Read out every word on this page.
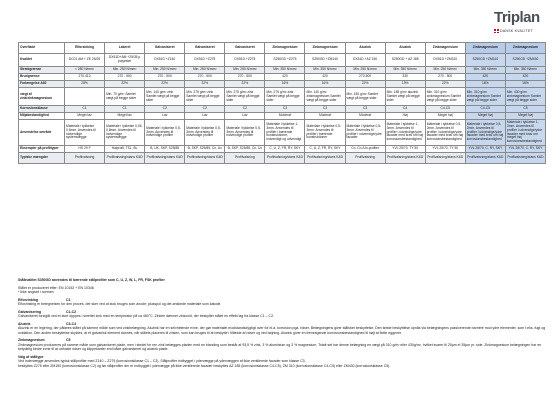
Triplan
DANSK KVALITET
Overflade	Elforzinking	Lakeret	Galvaniseret	Galvaniseret	Galvaniseret	Zinkmagnesium	Zinkmagnesium	Aluzink	Aluzink	Zinkmagnesium	Zinkmagnesium	Zinkmagnesium
Kvalitet	DC01 AM + ZE 25/25	DX51D+AM +25/35 µ polyester	DX51D +Z140	DX51D +Z275	DX51D +Z275	S250GD +Z275	S250GD +ZM140	DX51D +AZ 150	S250GD + AZ 185	DX51D +ZM310	S250GD +ZM310	S250GD +ZM430
Strækgrænse	< 280 N/mm²	Min. 250 N/mm²	Min. 250 N/mm²	Min. 250 N/mm²	Min. 250 N/mm²	Min. 350 N/mm²	Min. 350 N/mm²	Min. 250 N/mm²	Min. 350 N/mm²	Min. 250 N/mm²	Min. 350 N/mm²	Min. 350 N/mm²
Brudgrænse	270-410	270 - 500	270 - 500	270 - 500	270 - 500	420	420	270-500	330	270 - 500	420	420
Forlængelse A80	28%	22%	22%	22%	22%	16%	16%	22%	19%	22%	16%	16%
vægt af zink/zinkmagnesium		Min. 70 g/m² Samlet vægt på begge sider	Min. 140 g/m² zink Samlet vægt på begge sider	Min. 275 g/m² zink Samlet vægt på begge sider	Min. 275 g/m² zink Samlet vægt på begge sider	Min. 275 g/m² zink Samlet vægt på begge sider	Min. 140 g/m² zinkmagnesium Samlet vægt på begge sider	Min. 150 g/m² Samlet vægt på begge sider	Min. 185 g/m² aluzink Samlet vægt på begge sider	Min. 310 g/m² zinkmagnesium Samlet vægt på begge sider	Min. 310 g/m² zinkmagnesium Samlet vægt på begge sider	Min. 430 g/m² zinkmagnesium Samlet vægt på begge sider
Korrosionsklasse	C1	C1	C2	C2	C2	C3	C3	C3	C4	C4-C5	C4-C5	C5
Miljøbestandighed	Meget lav	Meget lav	Lav	Lav	Lav	Moderat	Moderat	Moderat	Høj	Meget høj	Meget høj	Meget høj
Anvendelse område	Materiale i tykkelse 0,5mm. Anvendes til indvendige systemvægge	Materiale i tykkelse 0,45-0,8mm. Anvendes til indvendige systemvægge	Materiale i tykkelse 0,5-3mm. Anvendes til indvendige profiler	Materiale i tykkelse 0,5-3mm. Anvendes til indvendige profiler	Materiale i tykkelse 0,5-3mm. Anvendes til indvendige profiler	Materiale i tykkelse 1-3mm. Anvendes til profiler i bærende konstruktioner, indvendigt og udvendigt	Materiale i tykkelse 0,5-3mm. Anvendes til profiler i bærende konstruktioner	Materiale i tykkelse 0,5-3mm. Anvendes til profiler i udvendige/ydre facader	Materiale i tykkelse 1-3mm. Anvendes til profiler i udvendige/ydre facader med krav om høj korrosionsbestandighed	Materiale i tykkelse 0,5-2mm. Anvendes til profiler i udvendige/ydre facader med krav om høj korrosionsbestandighed	Materiale i tykkelse 0,5-2mm. Anvendes til profiler i udvendige/ydre facader med krav om høj korrosionsbestandighed	Materiale i tykkelse 1-3mm. Anvendes til profiler i udvendige/ydre facader med krav om meget høj korrosionsbestandighed
Eksempler på profiltyper	HS 29 F	Halprofil, TSL, BL	B, UK, SKP, S25/85	B, SKP, S25/85, Cn, Ux	B, SKP, S25/85, Cn, Ux	C, U, Z, FR, RY, SKY	C, U, Z, FR, RY, SKY	Cn, Cn-/Un-profiler	YVL 25/70, TY 50	YVL 25/70, TY 50	YVL 25/70, C, RY, SKY	YVL 25/70, C, RY, SKY
Typiske mængder	Profilvalsning	Profilvalsning/stans K&D	Profilvalsning/stans K&D	Profilvalsning/stans K&D	Profilvalsning	Profilvalsning/stans K&D	Profilvalsning/stans K&D	Profilvalsning	Profilvalsning/stans K&D	Profilvalsning/stans K&D	Profilvalsning/stans K&D	Profilvalsning/stans K&D

Stålkvalitet S350GD anvendes til bærende stålprofiler som C, U, Z, W, L, FR, FSK profiler

Stålet er produceret efter: EN 10152 + EN 10346

* Ikke angivet i normen

Elforzinking	C1

Elforzinking er betegnelsen for den proces, der sker ved at stok bruges som anode; plusspol og det ønskede materiale som katode.

Galvanisering	C1-C2

Galvaniseret forzigåt ved et stort dyppes i smeltet zink med en temperatur på ca 460°C. Zinken dænner zinkoxid, der beskytter stålet en effekt lag fra klasse C1 – C2.

Aluzink	C3-C4

Aluzink er en legering, der påføres stålet på samme måde som ved zinkbelægning. Aluzink har en selvhelende evne, der gør materialet modstandsdygtigt over for bl.a. korrosion pga. ridser. Belægningens giver stålsbet beskyttelse. Den første beskyttelse opnås via belægningens passiverende barriere mod ydre elementer, som f.eks. fugt og oxidation. Den anden beskyttelse skyldes, at et galvanisk element dannes, når stålets placeres til zinken, som kan bruges til at beskytte i tilfælde af ridser og ved bøjning. Aluzink giver en fremragende korrosionsbestandighed til højt at flotte eggener.

Zinkmagnesium	C5

Zinkmagnesium produceres på samme måde som galvaniseret plade, men i stedet for ren zink belægges pladen med en blanding som består af 93,5 % zink, 3 % aluminium og 3 % magnesium. Totalt set har denne belægning en vægt på 310 g/m² eller 430g/m², hvilket svarer til 25µm el 35µm pr. side. Zinkmagnesium belægningen har en betydelig bedre evne til at udholde ridser og klippekanter end både galvaniseret og aluzink plade.

Valg af ståltype

Ved indervægge anvendes typisk stålprofiler med Z140 – Z275 (korrosionsklasse C1 – C2). Stålprofiler indbygget i ydervægge på ydervæggen af ikke ventilerede facader som klasse C3.

beskyttes Z275 eller ZM150 (korrosionsklasse C2) og før stålprofiler der er indbygget i ydervægge på ikke ventilerede facader beskyttes AZ 185 (korrosionsklasse C4-C5), ZM 310 (korrosionsklasse C4-C5) eller ZM430 (korrosionsklasse C5).
